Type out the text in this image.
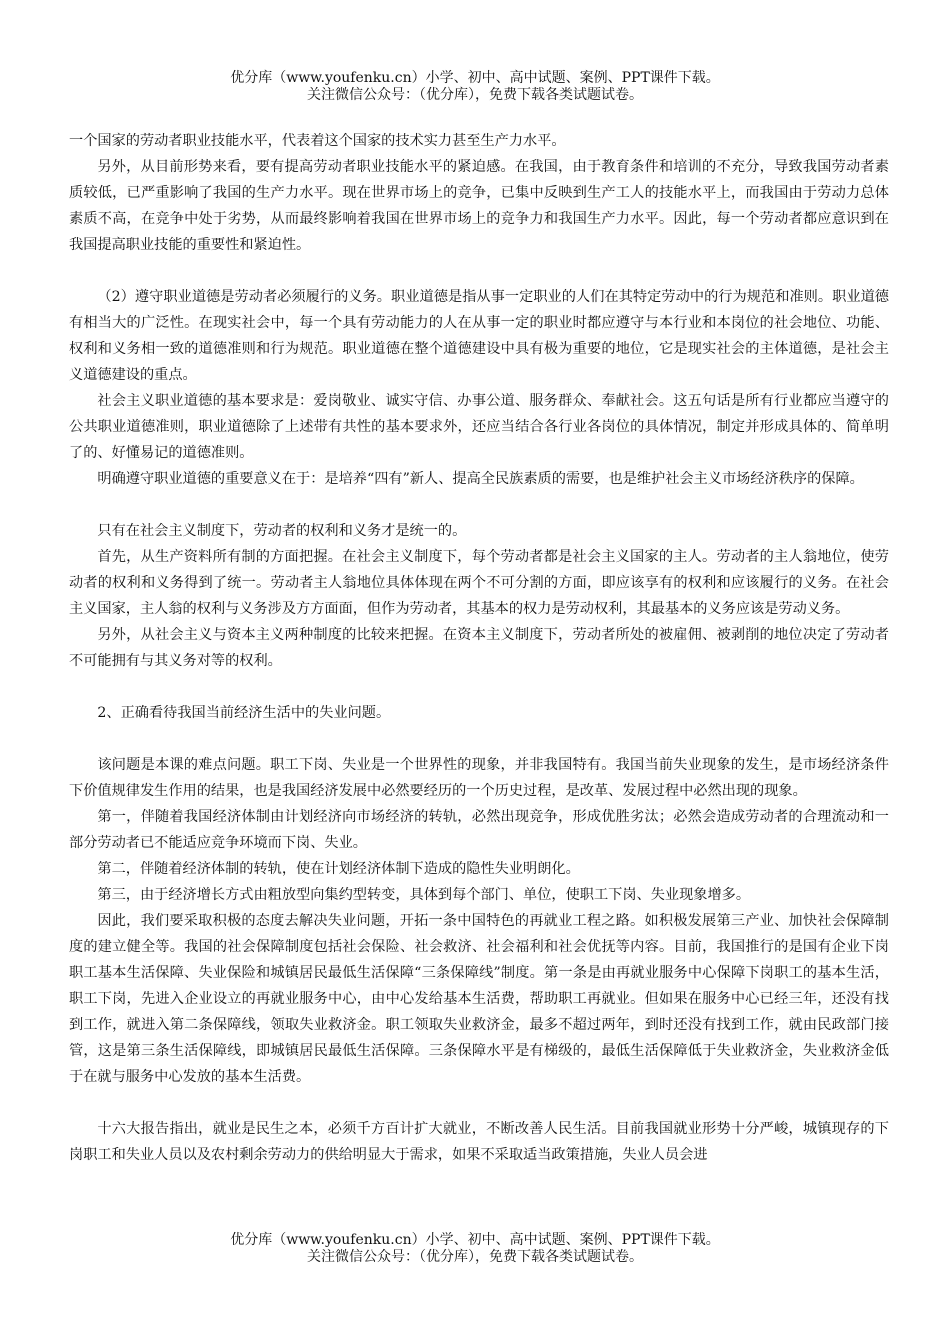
优分库（www.youfenku.cn）小学、初中、高中试题、案例、PPT课件下载。
关注微信公众号：（优分库），免费下载各类试题试卷。

一个国家的劳动者职业技能水平，代表着这个国家的技术实力甚至生产力水平。

另外，从目前形势来看，要有提高劳动者职业技能水平的紧迫感。在我国，由于教育条件和培训的不充分，导致我国劳动者素质较低，已严重影响了我国的生产力水平。现在世界市场上的竞争，已集中反映到生产工人的技能水平上，而我国由于劳动力总体素质不高，在竞争中处于劣势，从而最终影响着我国在世界市场上的竞争力和我国生产力水平。因此，每一个劳动者都应意识到在我国提高职业技能的重要性和紧迫性。

（2）遵守职业道德是劳动者必须履行的义务。职业道德是指从事一定职业的人们在其特定劳动中的行为规范和准则。职业道德有相当大的广泛性。在现实社会中，每一个具有劳动能力的人在从事一定的职业时都应遵守与本行业和本岗位的社会地位、功能、权利和义务相一致的道德准则和行为规范。职业道德在整个道德建设中具有极为重要的地位，它是现实社会的主体道德，是社会主义道德建设的重点。

社会主义职业道德的基本要求是：爱岗敬业、诚实守信、办事公道、服务群众、奉献社会。这五句话是所有行业都应当遵守的公共职业道德准则，职业道德除了上述带有共性的基本要求外，还应当结合各行业各岗位的具体情况，制定并形成具体的、简单明了的、好懂易记的道德准则。

明确遵守职业道德的重要意义在于：是培养“四有”新人、提高全民族素质的需要，也是维护社会主义市场经济秩序的保障。

只有在社会主义制度下，劳动者的权利和义务才是统一的。

首先，从生产资料所有制的方面把握。在社会主义制度下，每个劳动者都是社会主义国家的主人。劳动者的主人翁地位，使劳动者的权利和义务得到了统一。劳动者主人翁地位具体体现在两个不可分割的方面，即应该享有的权利和应该履行的义务。在社会主义国家，主人翁的权利与义务涉及方方面面，但作为劳动者，其基本的权力是劳动权利，其最基本的义务应该是劳动义务。

另外，从社会主义与资本主义两种制度的比较来把握。在资本主义制度下，劳动者所处的被雇佣、被剥削的地位决定了劳动者不可能拥有与其义务对等的权利。

2、正确看待我国当前经济生活中的失业问题。

该问题是本课的难点问题。职工下岗、失业是一个世界性的现象，并非我国特有。我国当前失业现象的发生，是市场经济条件下价值规律发生作用的结果，也是我国经济发展中必然要经历的一个历史过程，是改革、发展过程中必然出现的现象。

第一，伴随着我国经济体制由计划经济向市场经济的转轨，必然出现竞争，形成优胜劣汰；必然会造成劳动者的合理流动和一部分劳动者已不能适应竞争环境而下岗、失业。

第二，伴随着经济体制的转轨，使在计划经济体制下造成的隐性失业明朗化。

第三，由于经济增长方式由粗放型向集约型转变，具体到每个部门、单位，使职工下岗、失业现象增多。

因此，我们要采取积极的态度去解决失业问题，开拓一条中国特色的再就业工程之路。如积极发展第三产业、加快社会保障制度的建立健全等。我国的社会保障制度包括社会保险、社会救济、社会福利和社会优抚等内容。目前，我国推行的是国有企业下岗职工基本生活保障、失业保险和城镇居民最低生活保障“三条保障线”制度。第一条是由再就业服务中心保障下岗职工的基本生活，职工下岗，先进入企业设立的再就业服务中心，由中心发给基本生活费，帮助职工再就业。但如果在服务中心已经三年，还没有找到工作，就进入第二条保障线，领取失业救济金。职工领取失业救济金，最多不超过两年，到时还没有找到工作，就由民政部门接管，这是第三条生活保障线，即城镇居民最低生活保障。三条保障水平是有梯级的，最低生活保障低于失业救济金，失业救济金低于在就与服务中心发放的基本生活费。

十六大报告指出，就业是民生之本，必须千方百计扩大就业，不断改善人民生活。目前我国就业形势十分严峻，城镇现存的下岗职工和失业人员以及农村剩余劳动力的供给明显大于需求，如果不采取适当政策措施，失业人员会进

优分库（www.youfenku.cn）小学、初中、高中试题、案例、PPT课件下载。
关注微信公众号：（优分库），免费下载各类试题试卷。
